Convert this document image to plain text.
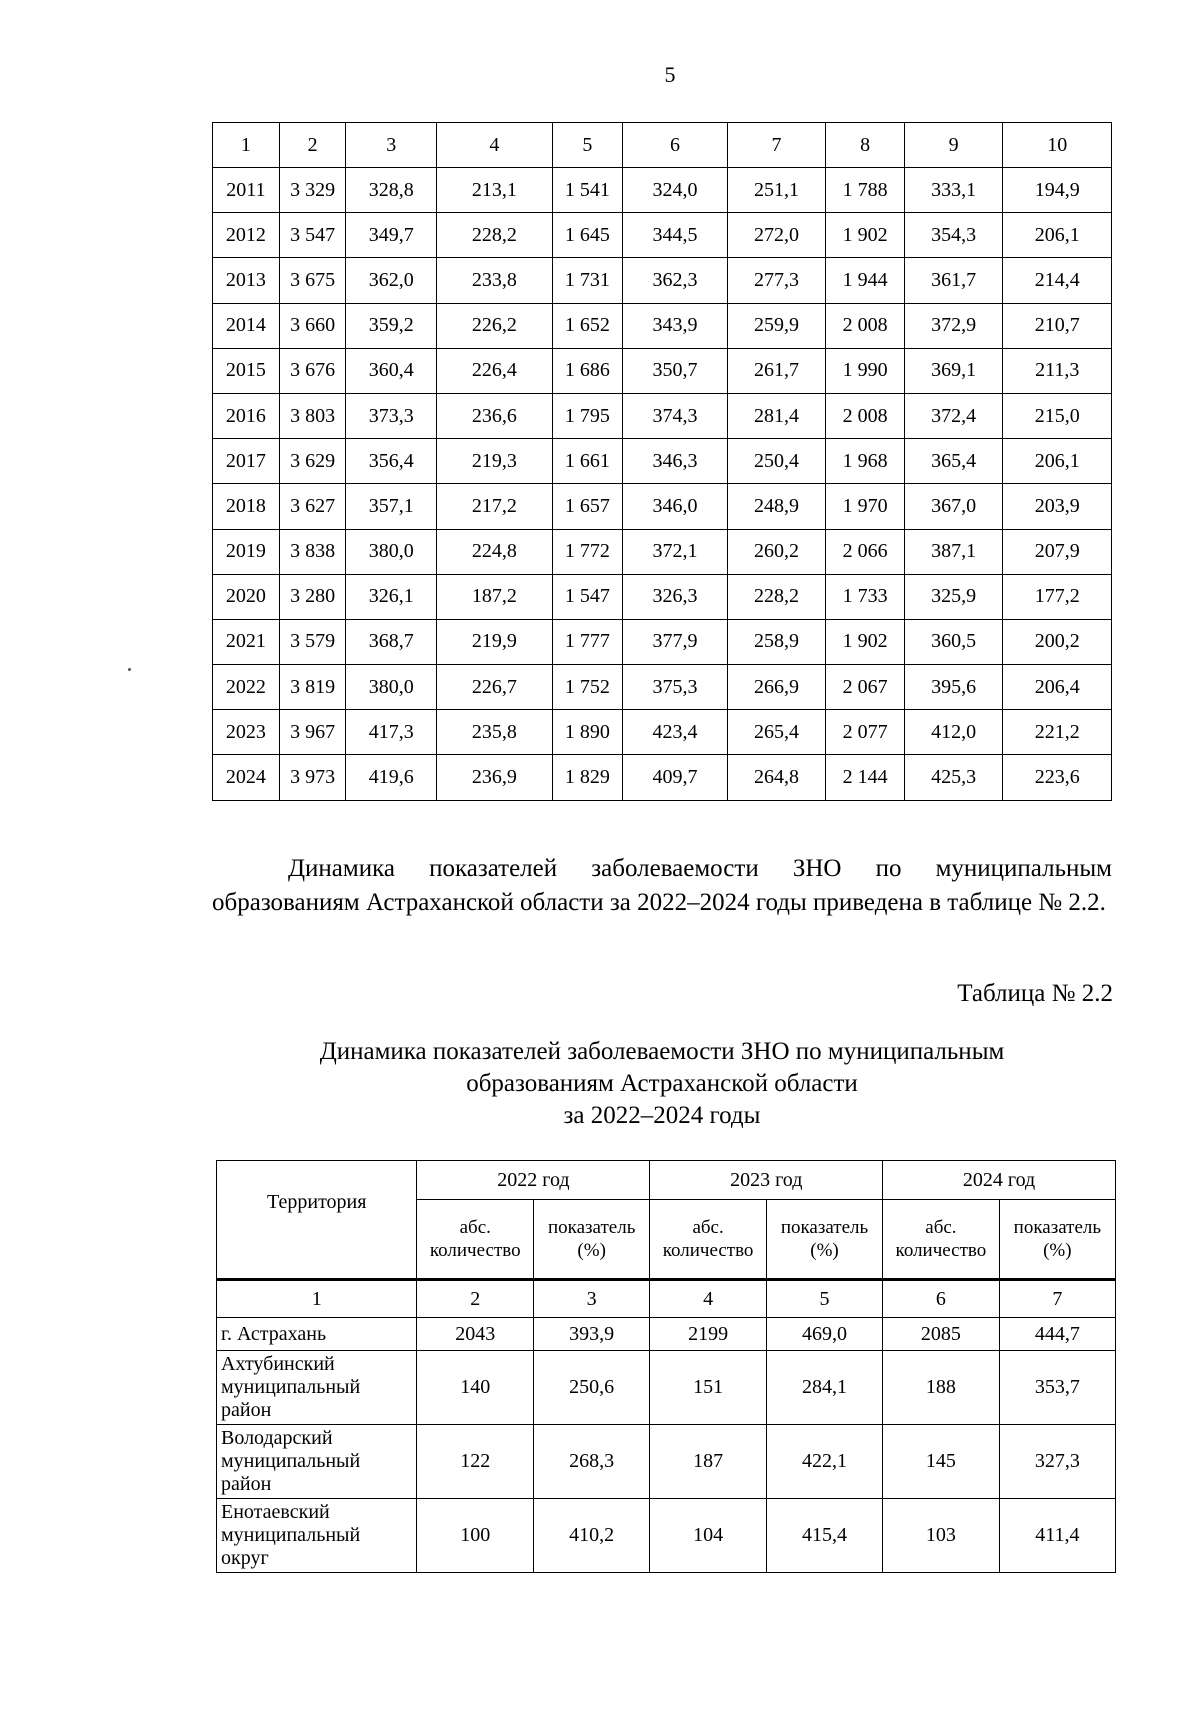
5
1	2	3	4	5	6	7	8	9	10
2011	3 329	328,8	213,1	1 541	324,0	251,1	1 788	333,1	194,9
2012	3 547	349,7	228,2	1 645	344,5	272,0	1 902	354,3	206,1
2013	3 675	362,0	233,8	1 731	362,3	277,3	1 944	361,7	214,4
2014	3 660	359,2	226,2	1 652	343,9	259,9	2 008	372,9	210,7
2015	3 676	360,4	226,4	1 686	350,7	261,7	1 990	369,1	211,3
2016	3 803	373,3	236,6	1 795	374,3	281,4	2 008	372,4	215,0
2017	3 629	356,4	219,3	1 661	346,3	250,4	1 968	365,4	206,1
2018	3 627	357,1	217,2	1 657	346,0	248,9	1 970	367,0	203,9
2019	3 838	380,0	224,8	1 772	372,1	260,2	2 066	387,1	207,9
2020	3 280	326,1	187,2	1 547	326,3	228,2	1 733	325,9	177,2
2021	3 579	368,7	219,9	1 777	377,9	258,9	1 902	360,5	200,2
2022	3 819	380,0	226,7	1 752	375,3	266,9	2 067	395,6	206,4
2023	3 967	417,3	235,8	1 890	423,4	265,4	2 077	412,0	221,2
2024	3 973	419,6	236,9	1 829	409,7	264,8	2 144	425,3	223,6
Динамика показателей заболеваемости ЗНО по муниципальным образованиям Астраханской области за 2022–2024 годы приведена в таблице № 2.2.
Таблица № 2.2
Динамика показателей заболеваемости ЗНО по муниципальным
образованиям Астраханской области
за 2022–2024 годы
Территория	2022 год		2023 год		2024 год	
	абс. количество	показатель (%)	абс. количество	показатель (%)	абс. количество	показатель (%)
1	2	3	4	5	6	7
г. Астрахань	2043	393,9	2199	469,0	2085	444,7
Ахтубинский муниципальный район	140	250,6	151	284,1	188	353,7
Володарский муниципальный район	122	268,3	187	422,1	145	327,3
Енотаевский муниципальный округ	100	410,2	104	415,4	103	411,4
